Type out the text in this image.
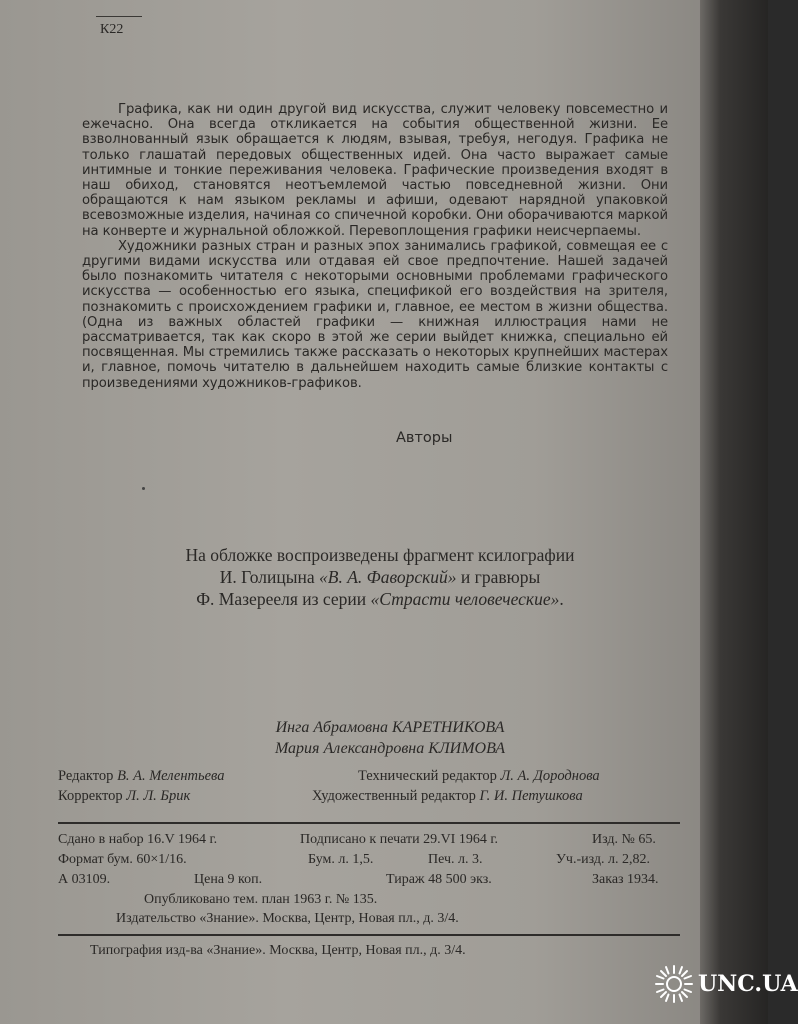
К22

Графика, как ни один другой вид искусства, служит человеку повсеместно и ежечасно. Она всегда откликается на события общественной жизни. Ее взволнованный язык обращается к людям, взывая, требуя, негодуя. Графика не только глашатай передовых общественных идей. Она часто выражает самые интимные и тонкие переживания человека. Графические произведения входят в наш обиход, становятся неотъемлемой частью повседневной жизни. Они обращаются к нам языком рекламы и афиши, одевают нарядной упаковкой всевозможные изделия, начиная со спичечной коробки. Они оборачиваются маркой на конверте и журнальной обложкой. Перевоплощения графики неисчерпаемы.

Художники разных стран и разных эпох занимались графикой, совмещая ее с другими видами искусства или отдавая ей свое предпочтение. Нашей задачей было познакомить читателя с некоторыми основными проблемами графического искусства — особенностью его языка, спецификой его воздействия на зрителя, познакомить с происхождением графики и, главное, ее местом в жизни общества. (Одна из важных областей графики — книжная иллюстрация нами не рассматривается, так как скоро в этой же серии выйдет книжка, специально ей посвященная. Мы стремились также рассказать о некоторых крупнейших мастерах и, главное, помочь читателю в дальнейшем находить самые близкие контакты с произведениями художников-графиков.

Авторы
На обложке воспроизведены фрагмент ксилографии
И. Голицына «В. А. Фаворский» и гравюры
Ф. Мазерееля из серии «Страсти человеческие».
Инга Абрамовна КАРЕТНИКОВА
Мария Александровна КЛИМОВА
Редактор В. А. Мелентьева	Технический редактор Л. А. Дороднова
Корректор Л. Л. Брик	Художественный редактор Г. И. Петушкова
Сдано в набор 16.V 1964 г.	Подписано к печати 29.VI 1964 г.	Изд. № 65.
Формат бум. 60×1/16.	Бум. л. 1,5.	Печ. л. 3.	Уч.-изд. л. 2,82.
А 03109.	Цена 9 коп.	Тираж 48 500 экз.	Заказ 1934.
Опубликовано тем. план 1963 г. № 135.
Издательство «Знание». Москва, Центр, Новая пл., д. 3/4.
Типография изд-ва «Знание». Москва, Центр, Новая пл., д. 3/4.
UNC.UA
